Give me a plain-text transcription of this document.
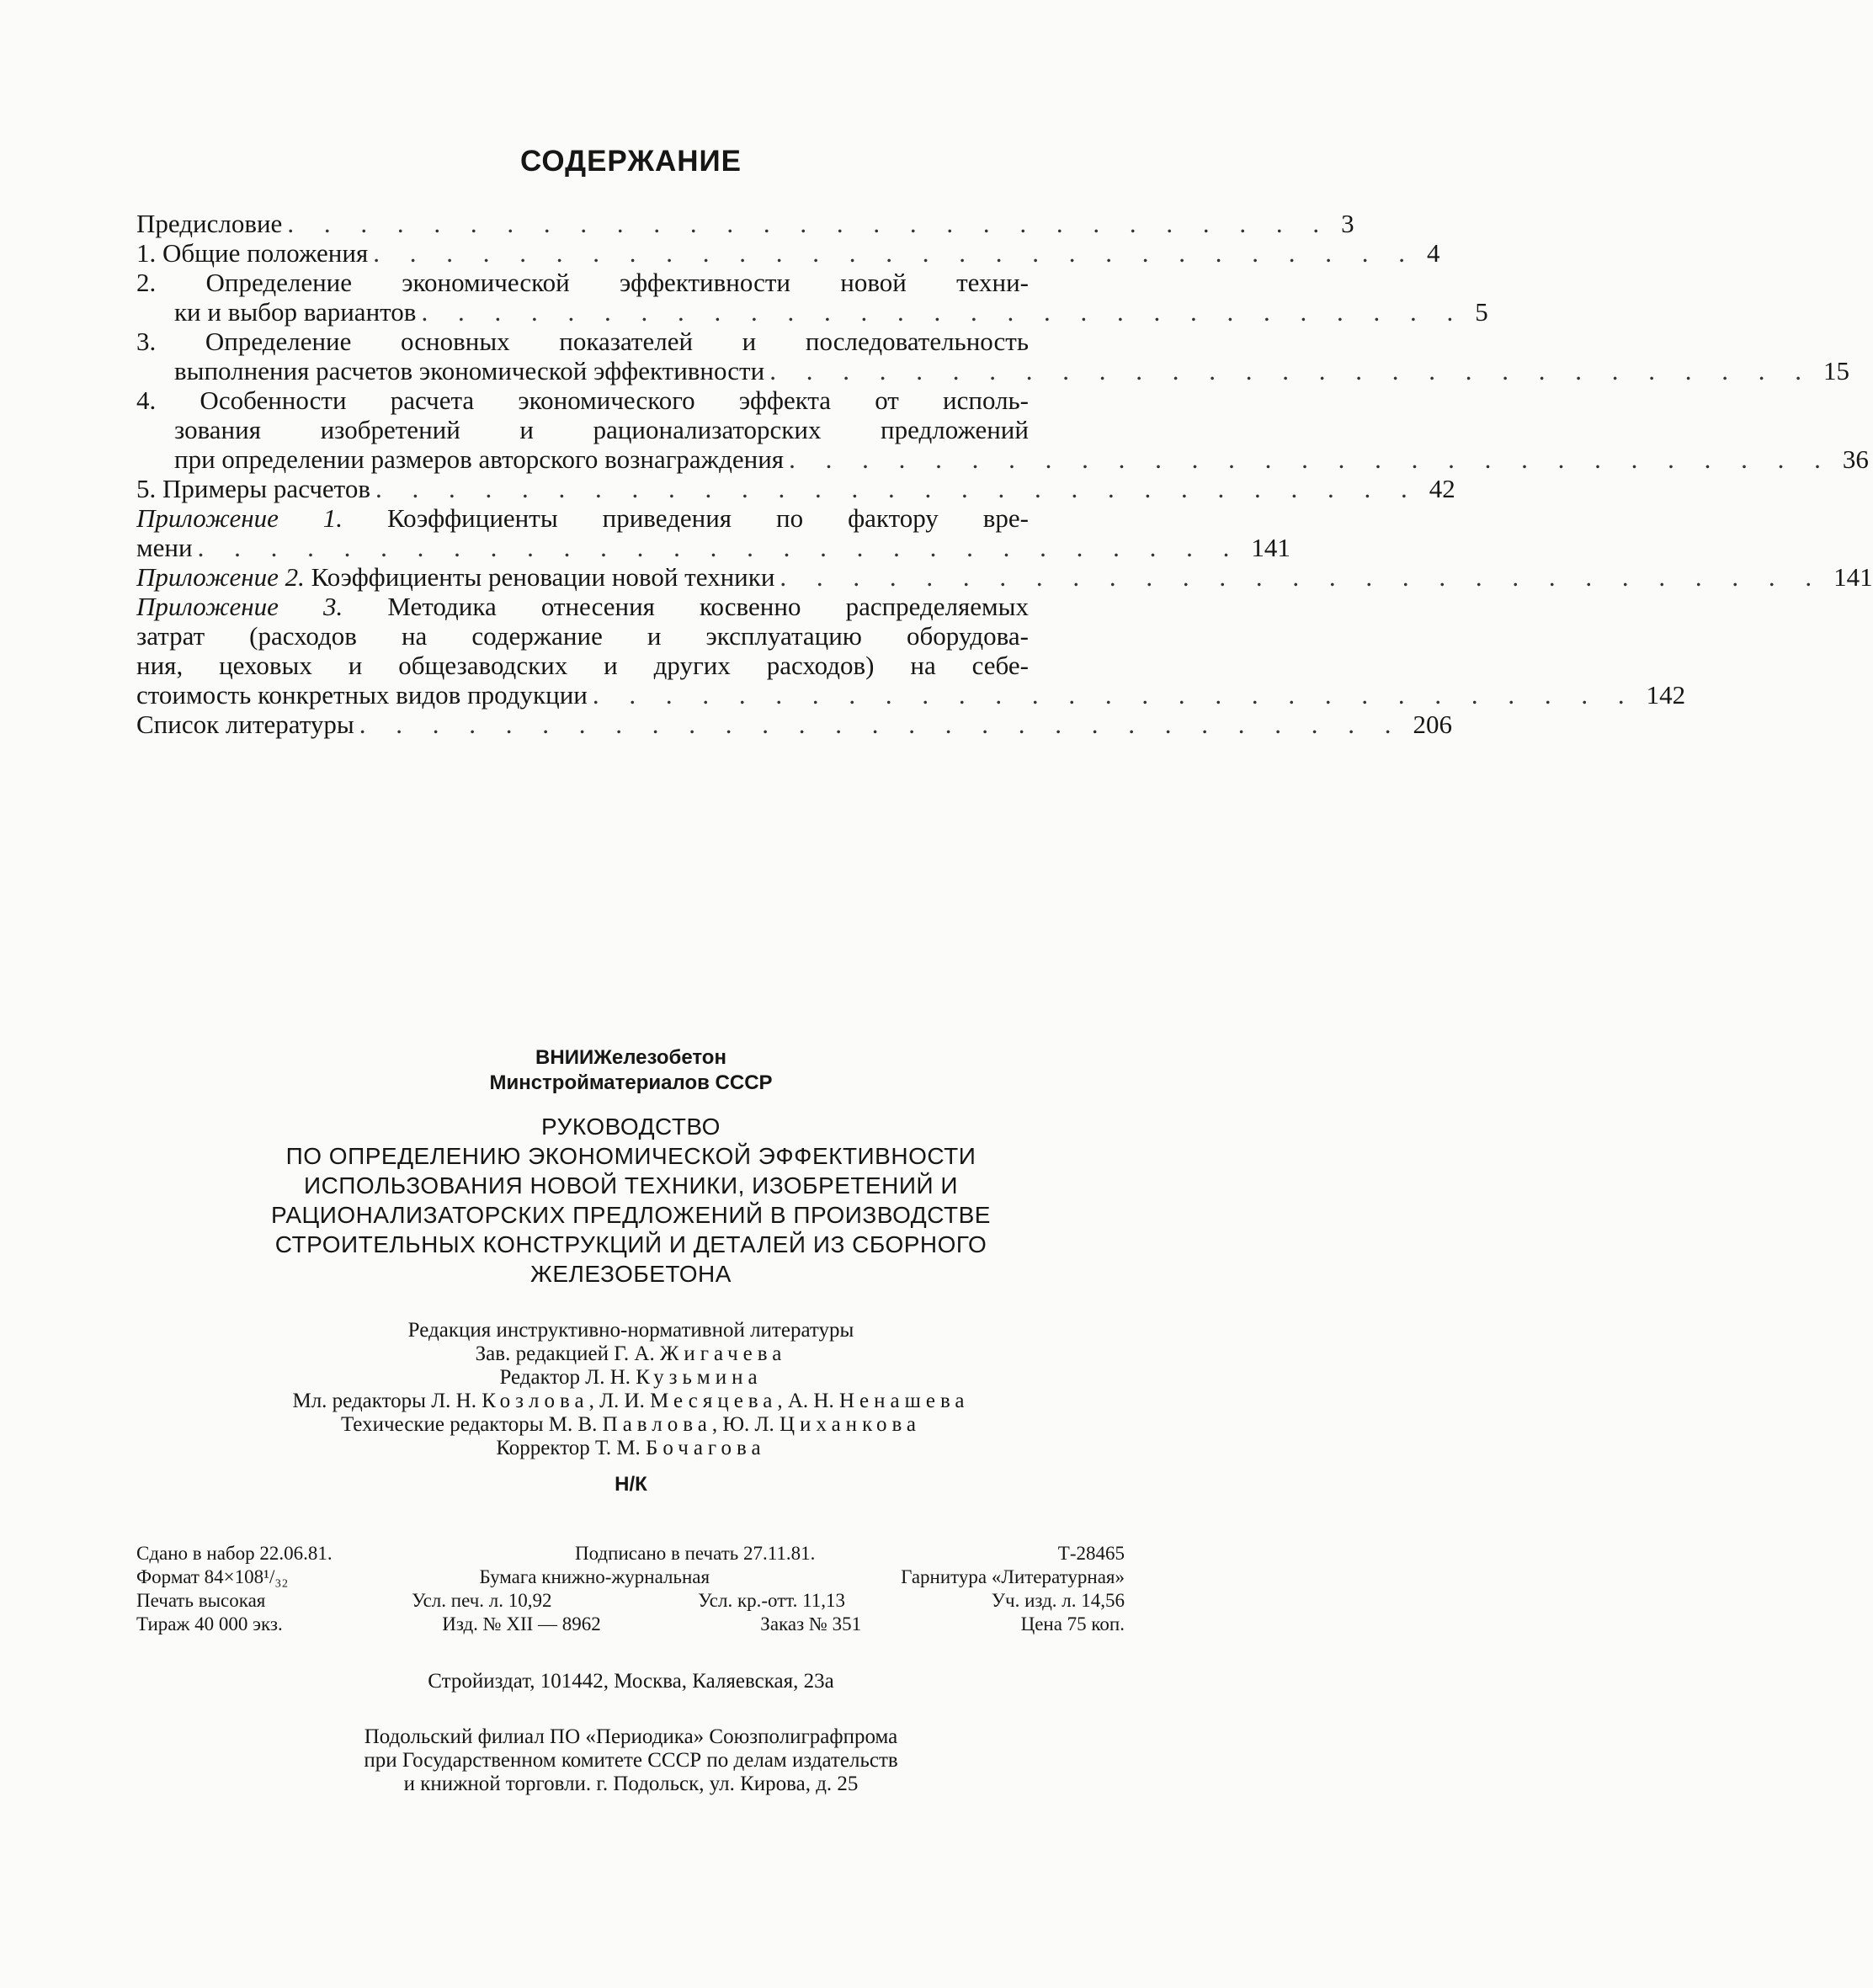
СОДЕРЖАНИЕ
Предисловие . . . . . . . . . . . . . . . . . . . . . . . . . . . . . 3
1. Общие положения . . . . . . . . . . . . . . . . . . . . . . . . . . . . . 4
2. Определение экономической эффективности новой техни-
ки и выбор вариантов . . . . . . . . . . . . . . . . . . . . . . . . . . . . . 5
3. Определение основных показателей и последовательность
выполнения расчетов экономической эффективности . . . . . . . . . . . . . . . . . . . . . . . . . . . . . 15
4. Особенности расчета экономического эффекта от исполь-
зования изобретений и рационализаторских предложений
при определении размеров авторского вознаграждения . . . . . . . . . . . . . . . . . . . . . . . . . . . . . 36
5. Примеры расчетов . . . . . . . . . . . . . . . . . . . . . . . . . . . . . 42
Приложение 1. Коэффициенты приведения по фактору вре-
мени . . . . . . . . . . . . . . . . . . . . . . . . . . . . . 141
Приложение 2. Коэффициенты реновации новой техники . . . . . . . . . . . . . . . . . . . . . . . . . . . . . 141
Приложение 3. Методика отнесения косвенно распределяемых
затрат (расходов на содержание и эксплуатацию оборудова-
ния, цеховых и общезаводских и других расходов) на себе-
стоимость конкретных видов продукции . . . . . . . . . . . . . . . . . . . . . . . . . . . . . 142
Список литературы . . . . . . . . . . . . . . . . . . . . . . . . . . . . . 206
ВНИИЖелезобетон
Минстройматериалов СССР
РУКОВОДСТВО
ПО ОПРЕДЕЛЕНИЮ ЭКОНОМИЧЕСКОЙ ЭФФЕКТИВНОСТИ
ИСПОЛЬЗОВАНИЯ НОВОЙ ТЕХНИКИ, ИЗОБРЕТЕНИЙ И
РАЦИОНАЛИЗАТОРСКИХ ПРЕДЛОЖЕНИЙ В ПРОИЗВОДСТВЕ
СТРОИТЕЛЬНЫХ КОНСТРУКЦИЙ И ДЕТАЛЕЙ ИЗ СБОРНОГО
ЖЕЛЕЗОБЕТОНА
Редакция инструктивно-нормативной литературы
Зав. редакцией Г. А. Жигачева
Редактор Л. Н. Кузьмина
Мл. редакторы Л. Н. Козлова, Л. И. Месяцева, А. Н. Ненашева
Техические редакторы М. В. Павлова, Ю. Л. Циханкова
Корректор Т. М. Бочагова
Н/К
Сдано в набор 22.06.81.	Подписано в печать 27.11.81.	Т-28465
Формат 84×108¹/₃₂	Бумага книжно-журнальная	Гарнитура «Литературная»
Печать высокая	Усл. печ. л. 10,92	Усл. кр.-отт. 11,13	Уч. изд. л. 14,56
Тираж 40 000 экз.	Изд. № XII — 8962	Заказ № 351	Цена 75 коп.
Стройиздат, 101442, Москва, Каляевская, 23а
Подольский филиал ПО «Периодика» Союзполиграфпрома
при Государственном комитете СССР по делам издательств
и книжной торговли. г. Подольск, ул. Кирова, д. 25
